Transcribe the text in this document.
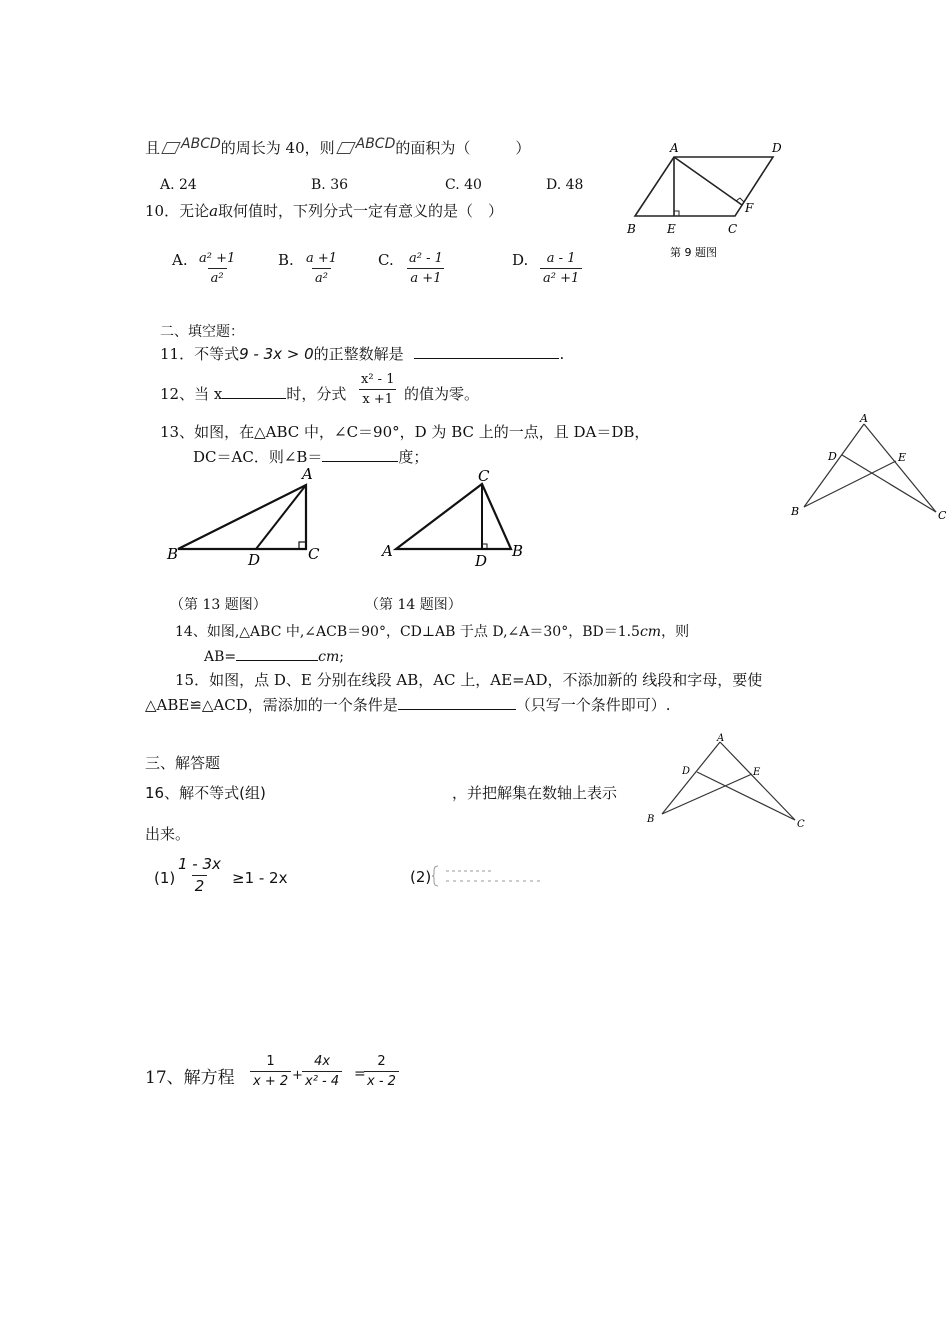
且 ABCD的周长为 40，则 ABCD的面积为（　　　）
A. 24	B. 36	C. 40	D. 48
A	D
B	E	C
F
第 9 题图
10．无论a取何值时，下列分式一定有意义的是（　）
A. $\frac{\text{a² +1}}{\text{a²}}$	B. $\frac{a +1}{\text{a²}}$	C. $\frac{\text{a² - 1}}{a +1}$	D. $\frac{a - 1}{\text{a² +1}}$
二、填空题：
11．不等式9 - 3x > 0的正整数解是	.
12、当 x	时，分式 $\frac{\text{x² - 1}}{x +1}$ 的值为零。
13、如图，在△ABC 中，∠C＝90°，D 为 BC 上的一点，且 DA＝DB，
DC＝AC．则∠B＝	度；
A
B	D	C
C
A
D
B
（第 13 题图）	（第 14 题图）
A
D	E
B	C
14、如图,△ABC 中,∠ACB＝90°，CD⊥AB 于点 D,∠A＝30°，BD＝1.5cm，则
AB=	cm;
15．如图，点 D、E 分别在线段 AB，AC 上，AE=AD，不添加新的 线段和字母，要使
△ABE≌△ACD，需添加的一个条件是	（只写一个条件即可）.
三、解答题
16、解不等式(组)	，并把解集在数轴上表示
出来。
A
D	E
B	C
$(1) \frac{1 - 3x}{2} \ge 1 - 2x$	(2)
17、解方程 $\frac{1}{x + 2} + \frac{4x}{\text{x² - 4}}$ =
$\frac{2}{x - 2}$
